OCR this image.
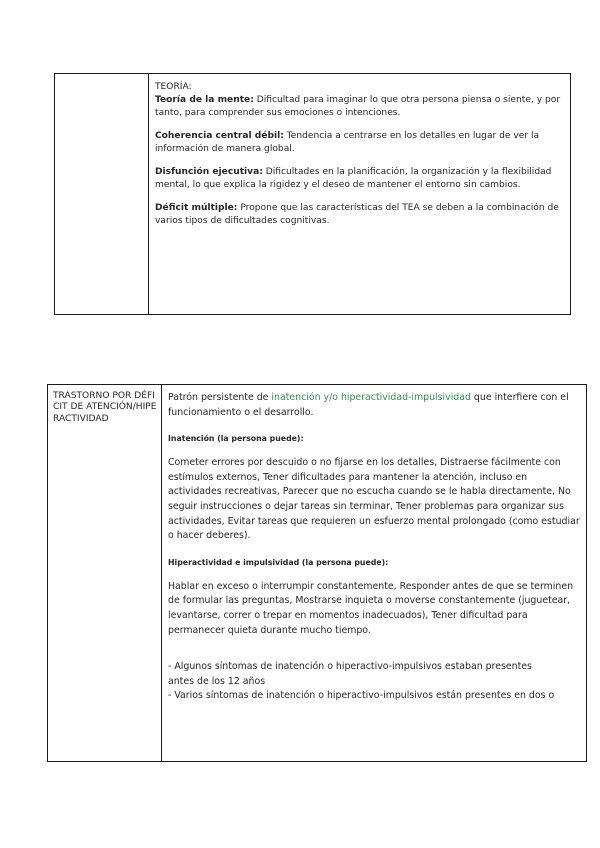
TEORÍA:

Teoría de la mente: Dificultad para imaginar lo que otra persona piensa o siente, y por tanto, para comprender sus emociones o intenciones.

Coherencia central débil: Tendencia a centrarse en los detalles en lugar de ver la información de manera global.

Disfunción ejecutiva: Dificultades en la planificación, la organización y la flexibilidad mental, lo que explica la rigidez y el deseo de mantener el entorno sin cambios.

Déficit múltiple: Propone que las características del TEA se deben a la combinación de varios tipos de dificultades cognitivas.

TRASTORNO POR DÉFICIT DE ATENCIÓN/HIPERACTIVIDAD

Patrón persistente de inatención y/o hiperactividad-impulsividad que interfiere con el funcionamiento o el desarrollo.

Inatención (la persona puede):

Cometer errores por descuido o no fijarse en los detalles, Distraerse fácilmente con estímulos externos, Tener dificultades para mantener la atención, incluso en actividades recreativas, Parecer que no escucha cuando se le habla directamente, No seguir instrucciones o dejar tareas sin terminar, Tener problemas para organizar sus actividades, Evitar tareas que requieren un esfuerzo mental prolongado (como estudiar o hacer deberes).

Hiperactividad e impulsividad (la persona puede):

Hablar en exceso o interrumpir constantemente, Responder antes de que se terminen de formular las preguntas, Mostrarse inquieta o moverse constantemente (juguetear, levantarse, correr o trepar en momentos inadecuados), Tener dificultad para permanecer quieta durante mucho tiempo.

- Algunos síntomas de inatención o hiperactivo-impulsivos estaban presentes antes de los 12 años

- Varios síntomas de inatención o hiperactivo-impulsivos están presentes en dos o
